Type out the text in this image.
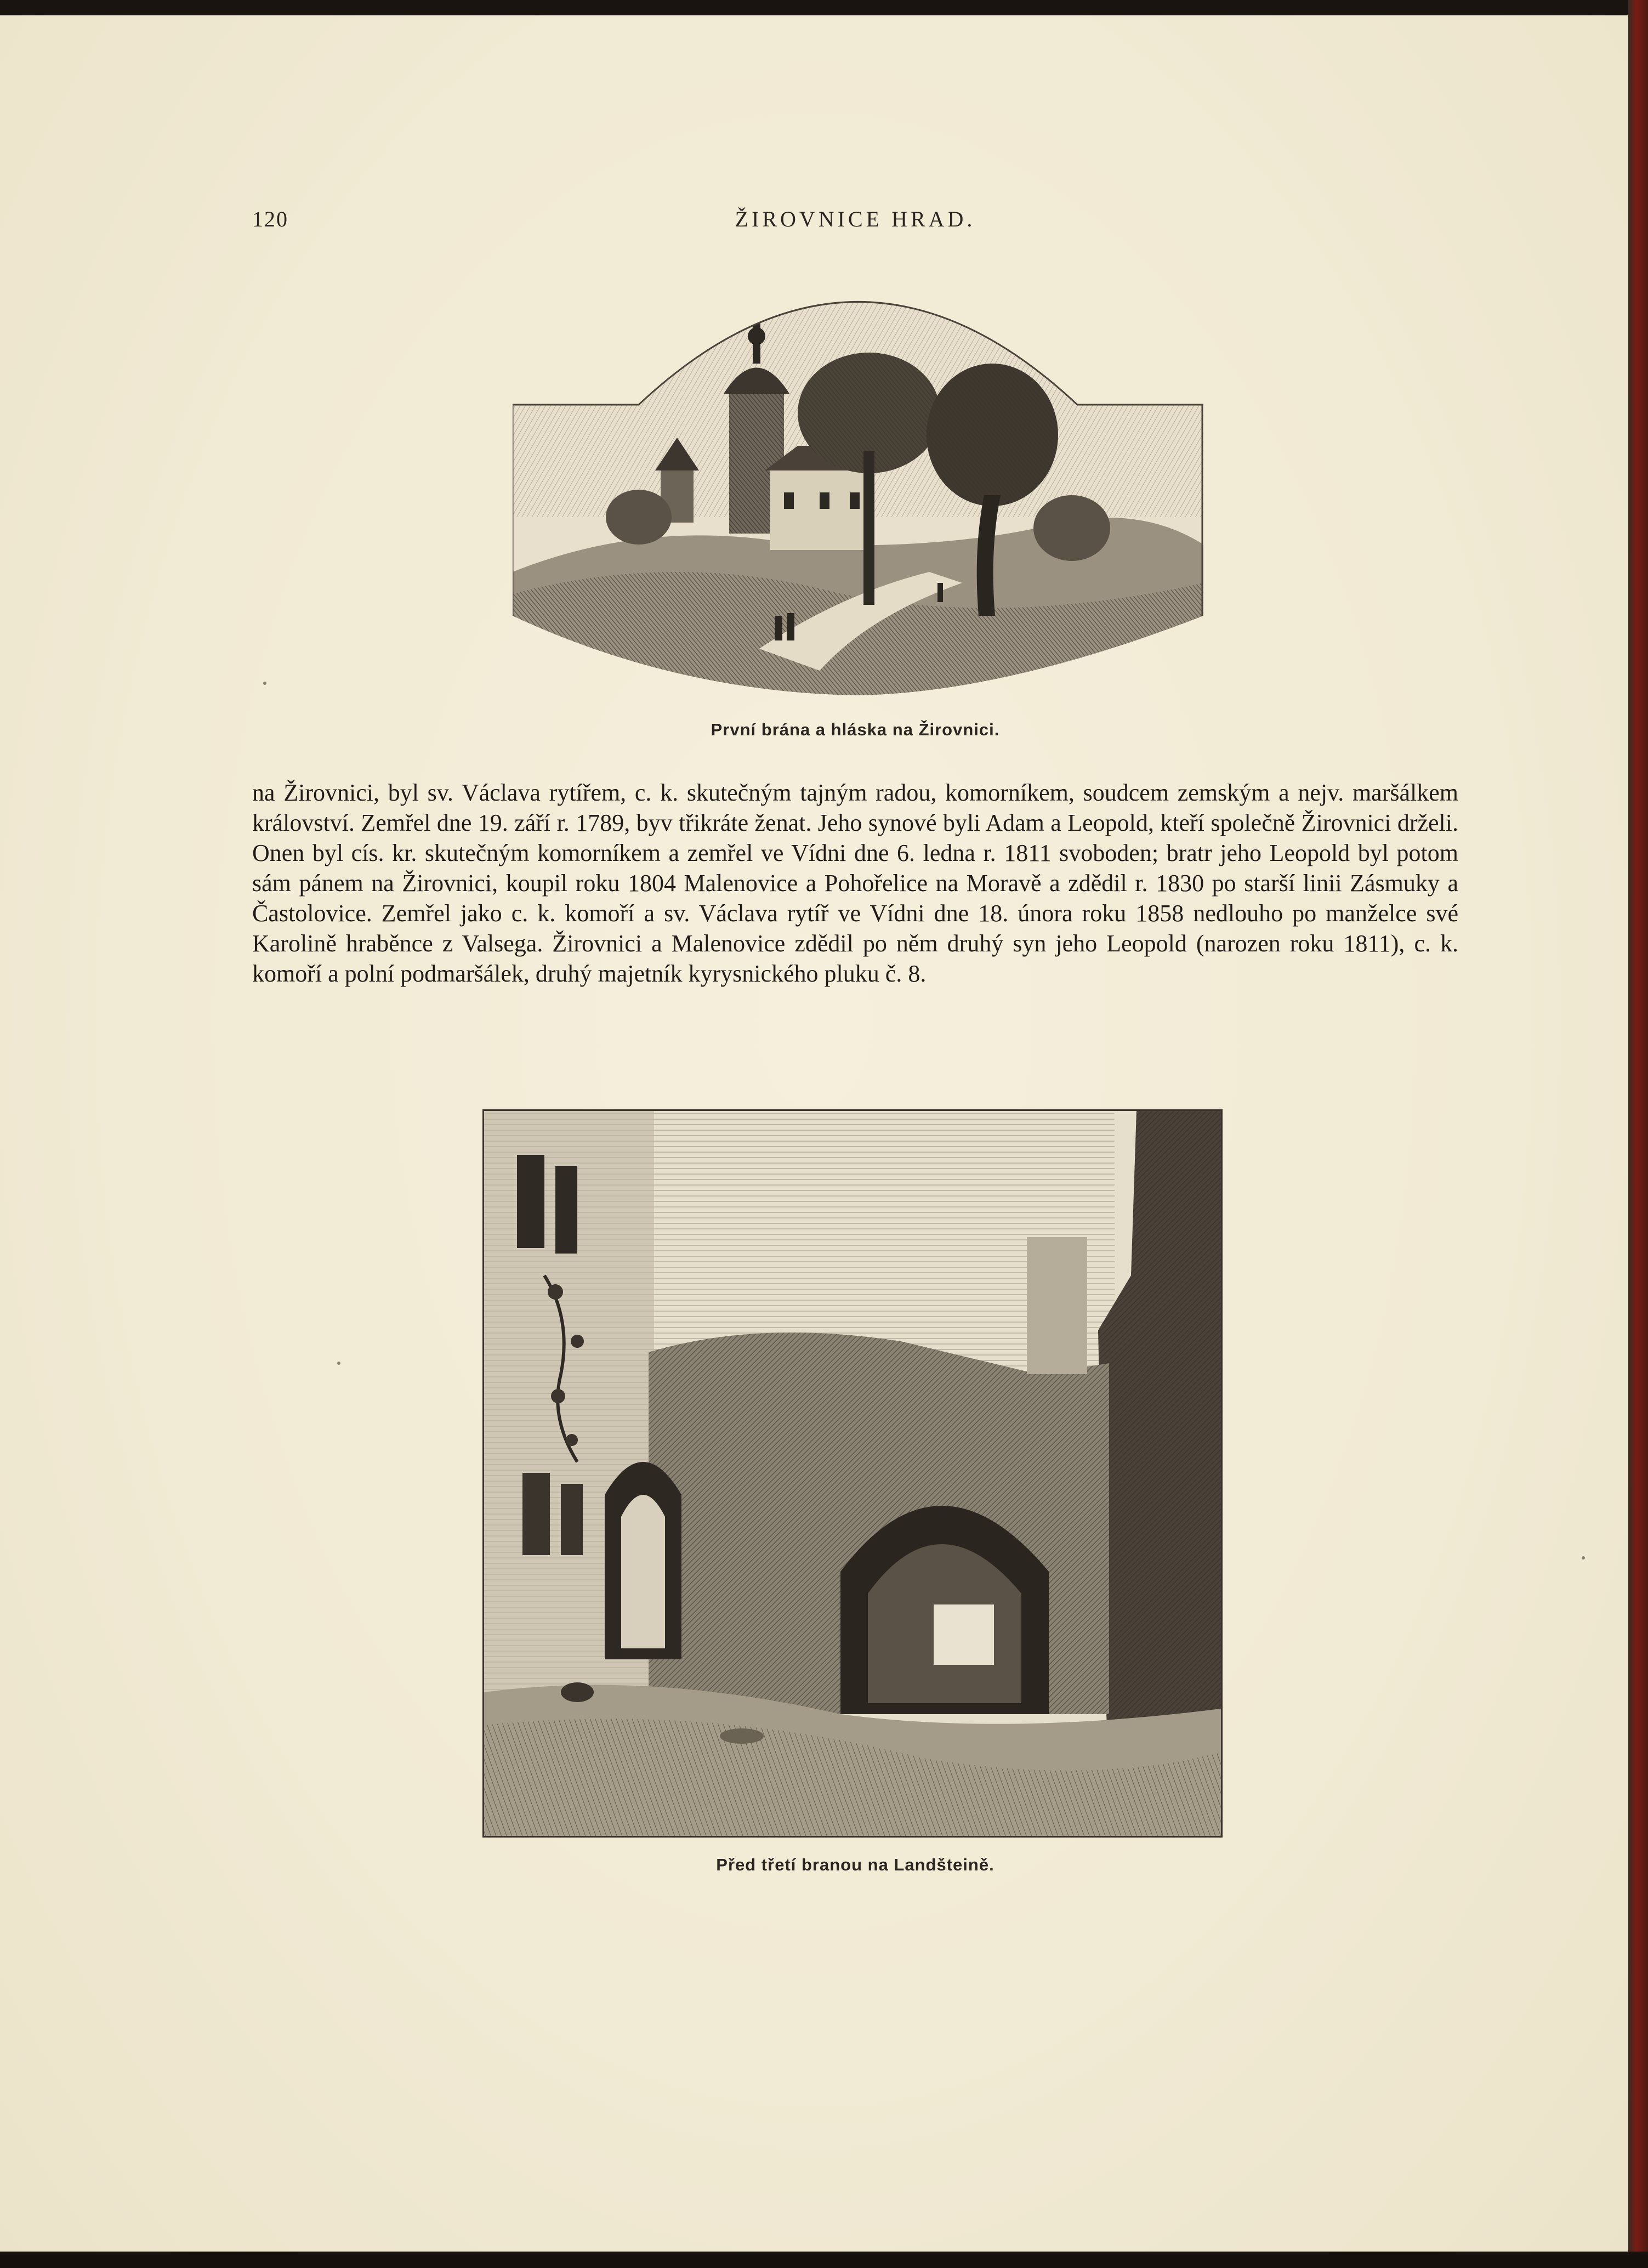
120	ŽIROVNICE HRAD.
První brána a hláska na Žirovnici.

na Žirovnici, byl sv. Václava rytířem, c. k. skutečným tajným radou, komorníkem, soudcem zemským a nejv. maršálkem království. Zemřel dne 19. září r. 1789, byv třikráte ženat. Jeho synové byli Adam a Leopold, kteří společně Žirovnici drželi. Onen byl cís. kr. skutečným komorníkem a zemřel ve Vídni dne 6. ledna r. 1811 svoboden; bratr jeho Leopold byl potom sám pánem na Žirovnici, koupil roku 1804 Malenovice a Pohořelice na Moravě a zdědil r. 1830 po starší linii Zásmuky a Častolovice. Zemřel jako c. k. komoří a sv. Václava rytíř ve Vídni dne 18. února roku 1858 nedlouho po manželce své Karolině hraběnce z Valsega. Žirovnici a Malenovice zdědil po něm druhý syn jeho Leopold (narozen roku 1811), c. k. komoří a polní podmaršálek, druhý majetník kyrysnického pluku č. 8.

Před třetí branou na Landšteině.
